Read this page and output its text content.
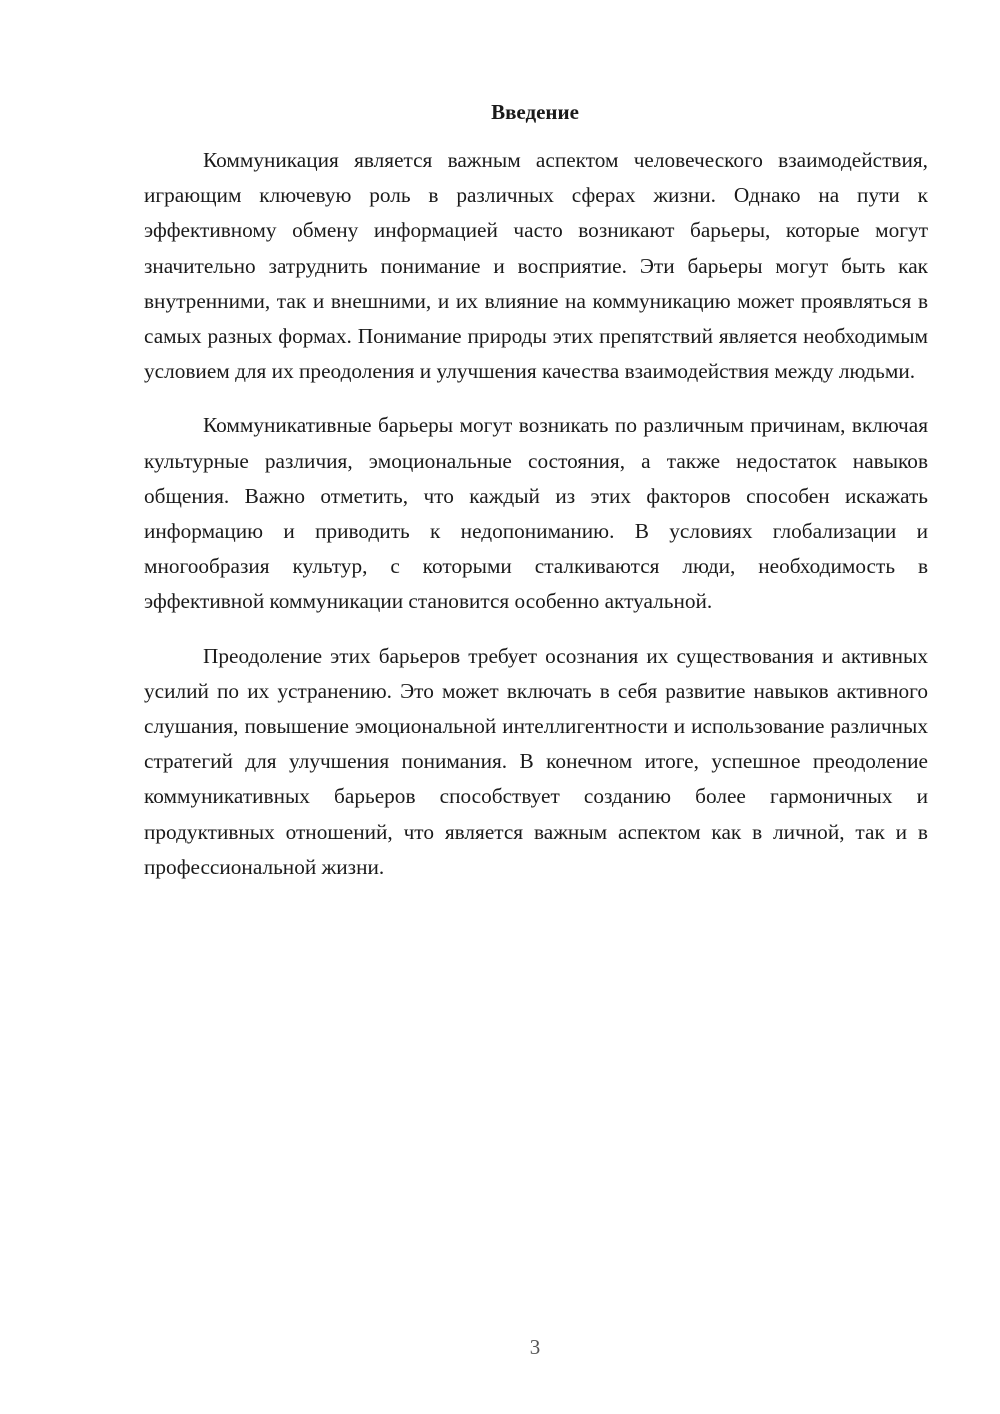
Введение

Коммуникация является важным аспектом человеческого взаимодействия, играющим ключевую роль в различных сферах жизни. Однако на пути к эффективному обмену информацией часто возникают барьеры, которые могут значительно затруднить понимание и восприятие. Эти барьеры могут быть как внутренними, так и внешними, и их влияние на коммуникацию может проявляться в самых разных формах. Понимание природы этих препятствий является необходимым условием для их преодоления и улучшения качества взаимодействия между людьми.

Коммуникативные барьеры могут возникать по различным причинам, включая культурные различия, эмоциональные состояния, а также недостаток навыков общения. Важно отметить, что каждый из этих факторов способен искажать информацию и приводить к недопониманию. В условиях глобализации и многообразия культур, с которыми сталкиваются люди, необходимость в эффективной коммуникации становится особенно актуальной.

Преодоление этих барьеров требует осознания их существования и активных усилий по их устранению. Это может включать в себя развитие навыков активного слушания, повышение эмоциональной интеллигентности и использование различных стратегий для улучшения понимания. В конечном итоге, успешное преодоление коммуникативных барьеров способствует созданию более гармоничных и продуктивных отношений, что является важным аспектом как в личной, так и в профессиональной жизни.

3
